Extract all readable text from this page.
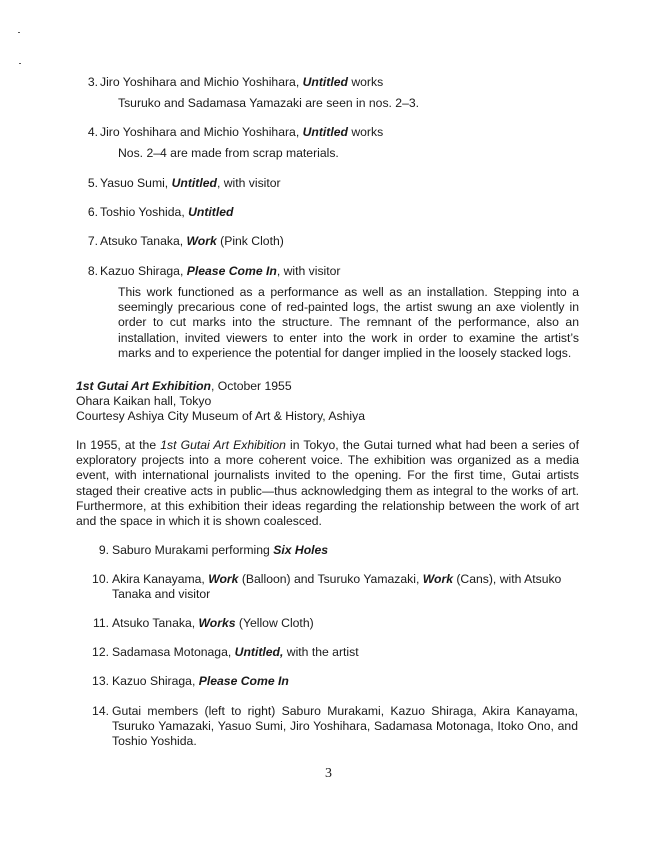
3. Jiro Yoshihara and Michio Yoshihara, Untitled works
Tsuruko and Sadamasa Yamazaki are seen in nos. 2–3.
4. Jiro Yoshihara and Michio Yoshihara, Untitled works
Nos. 2–4 are made from scrap materials.
5. Yasuo Sumi, Untitled, with visitor
6. Toshio Yoshida, Untitled
7. Atsuko Tanaka, Work (Pink Cloth)
8. Kazuo Shiraga, Please Come In, with visitor
This work functioned as a performance as well as an installation. Stepping into a seemingly precarious cone of red-painted logs, the artist swung an axe violently in order to cut marks into the structure. The remnant of the performance, also an installation, invited viewers to enter into the work in order to examine the artist’s marks and to experience the potential for danger implied in the loosely stacked logs.
1st Gutai Art Exhibition, October 1955
Ohara Kaikan hall, Tokyo
Courtesy Ashiya City Museum of Art & History, Ashiya
In 1955, at the 1st Gutai Art Exhibition in Tokyo, the Gutai turned what had been a series of exploratory projects into a more coherent voice. The exhibition was organized as a media event, with international journalists invited to the opening. For the first time, Gutai artists staged their creative acts in public—thus acknowledging them as integral to the works of art. Furthermore, at this exhibition their ideas regarding the relationship between the work of art and the space in which it is shown coalesced.
9. Saburo Murakami performing Six Holes
10. Akira Kanayama, Work (Balloon) and Tsuruko Yamazaki, Work (Cans), with Atsuko Tanaka and visitor
11. Atsuko Tanaka, Works (Yellow Cloth)
12. Sadamasa Motonaga, Untitled, with the artist
13. Kazuo Shiraga, Please Come In
14. Gutai members (left to right) Saburo Murakami, Kazuo Shiraga, Akira Kanayama, Tsuruko Yamazaki, Yasuo Sumi, Jiro Yoshihara, Sadamasa Motonaga, Itoko Ono, and Toshio Yoshida.
3
